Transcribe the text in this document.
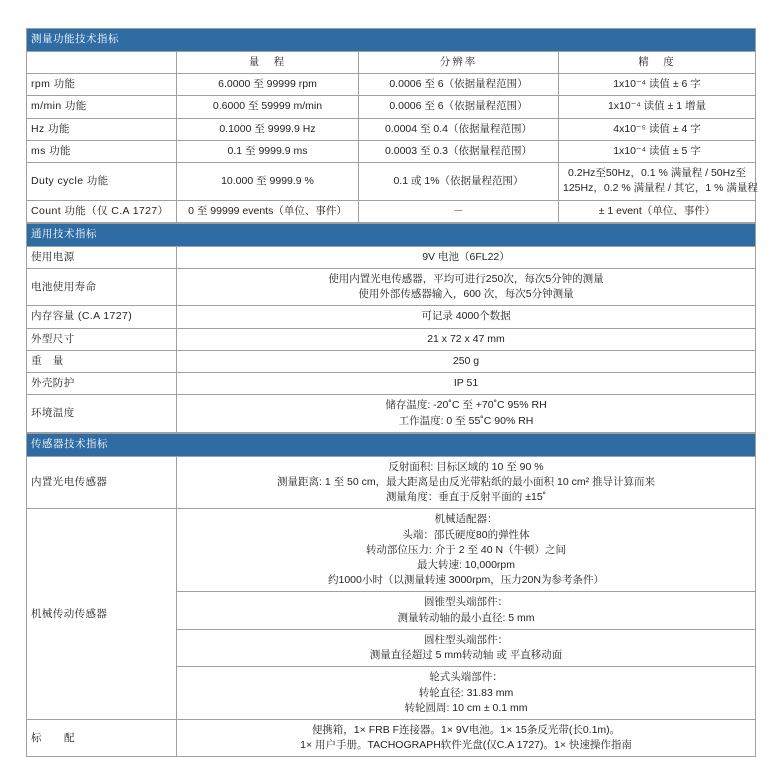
测量功能技术指标			
	量　程	分辨率	精　度
rpm 功能	6.0000 至 99999 rpm	0.0006 至 6（依据量程范围）	1x10⁻⁴ 读值 ± 6 字
m/min 功能	0.6000 至 59999 m/min	0.0006 至 6（依据量程范围）	1x10⁻⁴ 读值 ± 1 增量
Hz 功能	0.1000 至 9999.9 Hz	0.0004 至 0.4（依据量程范围）	4x10⁻⁵ 读值 ± 4 字
ms 功能	0.1 至 9999.9 ms	0.0003 至 0.3（依据量程范围）	1x10⁻⁴ 读值 ± 5 字
Duty cycle 功能	10.000 至 9999.9 %	0.1 或 1%（依据量程范围）	0.2Hz至50Hz，0.1 % 满量程 / 50Hz至
125Hz，0.2 % 满量程 / 其它，1 % 满量程

Count 功能（仅 C.A 1727）	0 至 99999 events（单位、事件）	－	± 1 event（单位、事件）
通用技术指标	
使用电源	9V 电池（6FL22）
电池使用寿命	使用内置光电传感器，平均可进行250次，每次5分钟的测量
使用外部传感器输入，600 次，每次5分钟测量

内存容量 (C.A 1727)	可记录 4000个数据
外型尺寸	21 x 72 x 47 mm
重　量	250 g
外壳防护	IP 51
环境温度	储存温度: -20˚C 至 +70˚C 95% RH
工作温度: 0 至 55˚C 90% RH
传感器技术指标	
内置光电传感器	反射面积: 目标区域的 10 至 90 %
测量距离: 1 至 50 cm，最大距离是由反光带粘纸的最小面积 10 cm² 推导计算而来
测量角度：垂直于反射平面的 ±15˚

机械传动传感器	机械适配器：
头端：邵氏硬度80的弹性体
转动部位压力: 介于 2 至 40 N（牛顿）之间
最大转速: 10,000rpm
约1000小时（以测量转速 3000rpm，压力20N为参考条件）

	圆锥型头端部件：
测量转动轴的最小直径: 5 mm

	圆柱型头端部件：
测量直径超过 5 mm转动轴 或 平直移动面

	轮式头端部件：
转轮直径: 31.83 mm
转轮圆周: 10 cm ± 0.1 mm

标　配	便携箱，1× FRB F连接器。1× 9V电池。1× 15条反光带(长0.1m)。
1× 用户手册。TACHOGRAPH软件光盘(仅C.A 1727)。1× 快速操作指南
